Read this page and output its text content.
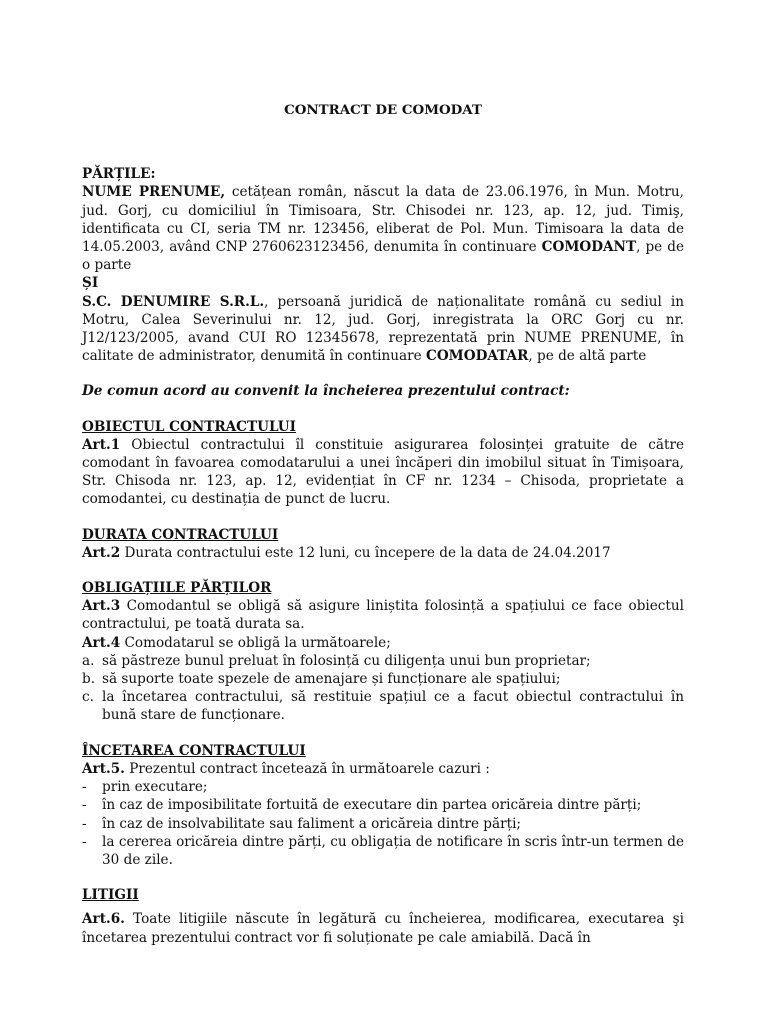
CONTRACT DE COMODAT

PĂRȚILE:

NUME PRENUME, cetățean român, născut la data de 23.06.1976, în Mun. Motru, jud. Gorj, cu domiciliul în Timisoara, Str. Chisodei nr. 123, ap. 12, jud. Timiş, identificata cu CI, seria TM nr. 123456, eliberat de Pol. Mun. Timisoara la data de 14.05.2003, având CNP 2760623123456, denumita în continuare COMODANT, pe de o parte

ȘI

S.C. DENUMIRE S.R.L., persoană juridică de naționalitate română cu sediul in Motru, Calea Severinului nr. 12, jud. Gorj, inregistrata la ORC Gorj cu nr. J12/123/2005, avand CUI RO 12345678, reprezentată prin NUME PRENUME, în calitate de administrator, denumită în continuare COMODATAR, pe de altă parte

De comun acord au convenit la încheierea prezentului contract:

OBIECTUL CONTRACTULUI

Art.1 Obiectul contractului îl constituie asigurarea folosinței gratuite de către comodant în favoarea comodatarului a unei încăperi din imobilul situat în Timișoara, Str. Chisoda nr. 123, ap. 12, evidențiat în CF nr. 1234 – Chisoda, proprietate a comodantei, cu destinația de punct de lucru.

DURATA CONTRACTULUI

Art.2 Durata contractului este 12 luni, cu începere de la data de 24.04.2017

OBLIGAȚIILE PĂRȚILOR

Art.3 Comodantul se obligă să asigure liniștita folosință a spațiului ce face obiectul contractului, pe toată durata sa.

Art.4 Comodatarul se obligă la următoarele;

a. să păstreze bunul preluat în folosință cu diligența unui bun proprietar;
b. să suporte toate spezele de amenajare și funcționare ale spațiului;
c. la încetarea contractului, să restituie spațiul ce a facut obiectul contractului în bună stare de funcționare.

ÎNCETAREA CONTRACTULUI

Art.5. Prezentul contract încetează în următoarele cazuri :

-	prin executare;
-	în caz de imposibilitate fortuită de executare din partea oricăreia dintre părți;
-	în caz de insolvabilitate sau faliment a oricăreia dintre părți;
-	la cererea oricăreia dintre părți, cu obligația de notificare în scris într-un termen de 30 de zile.

LITIGII

Art.6. Toate litigiile născute în legătură cu încheierea, modificarea, executarea şi încetarea prezentului contract vor fi soluționate pe cale amiabilă. Dacă în
